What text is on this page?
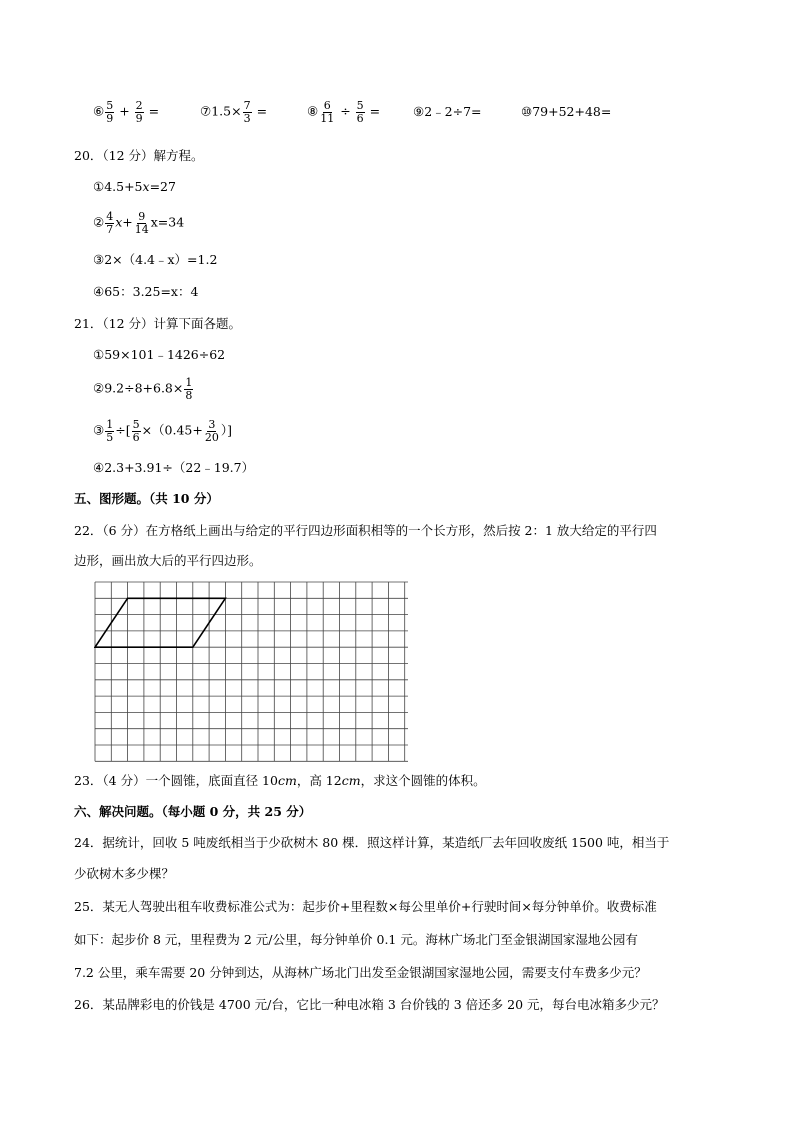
⑥ $\frac{5}{9} + \frac{2}{9}$ =	⑦1.5× $\frac{7}{3}$ =	⑧ $\frac{6}{11} \div \frac{5}{6}$ =	⑨2﹣2÷7=	⑩79+52+48=
20．（12 分）解方程。
①4.5+5x=27
② $\frac{4}{7} x+ \frac{9}{14} x=34$
③2×（4.4﹣x）=1.2
④65：3.25=x：4
21．（12 分）计算下面各题。
①59×101﹣1426÷62
②9.2÷8+6.8× $\frac{1}{8}$
③ $\frac{1}{5}$ ÷[ $\frac{5}{6} \times(0.45+ \frac{3}{20}$ ）]
④2.3+3.91÷（22﹣19.7）
五、图形题。（共 10 分）
22．（6 分）在方格纸上画出与给定的平行四边形面积相等的一个长方形，然后按 2：1 放大给定的平行四
边形，画出放大后的平行四边形。
23．（4 分）一个圆锥，底面直径 10cm，高 12cm，求这个圆锥的体积。
六、解决问题。（每小题 0 分，共 25 分）
24．据统计，回收 5 吨废纸相当于少砍树木 80 棵．照这样计算，某造纸厂去年回收废纸 1500 吨，相当于
少砍树木多少棵？
25．某无人驾驶出租车收费标准公式为：起步价+里程数×每公里单价+行驶时间×每分钟单价。收费标准
如下：起步价 8 元，里程费为 2 元/公里，每分钟单价 0.1 元。海林广场北门至金银湖国家湿地公园有
7.2 公里，乘车需要 20 分钟到达，从海林广场北门出发至金银湖国家湿地公园，需要支付车费多少元？
26．某品牌彩电的价钱是 4700 元/台，它比一种电冰箱 3 台价钱的 3 倍还多 20 元，每台电冰箱多少元？
